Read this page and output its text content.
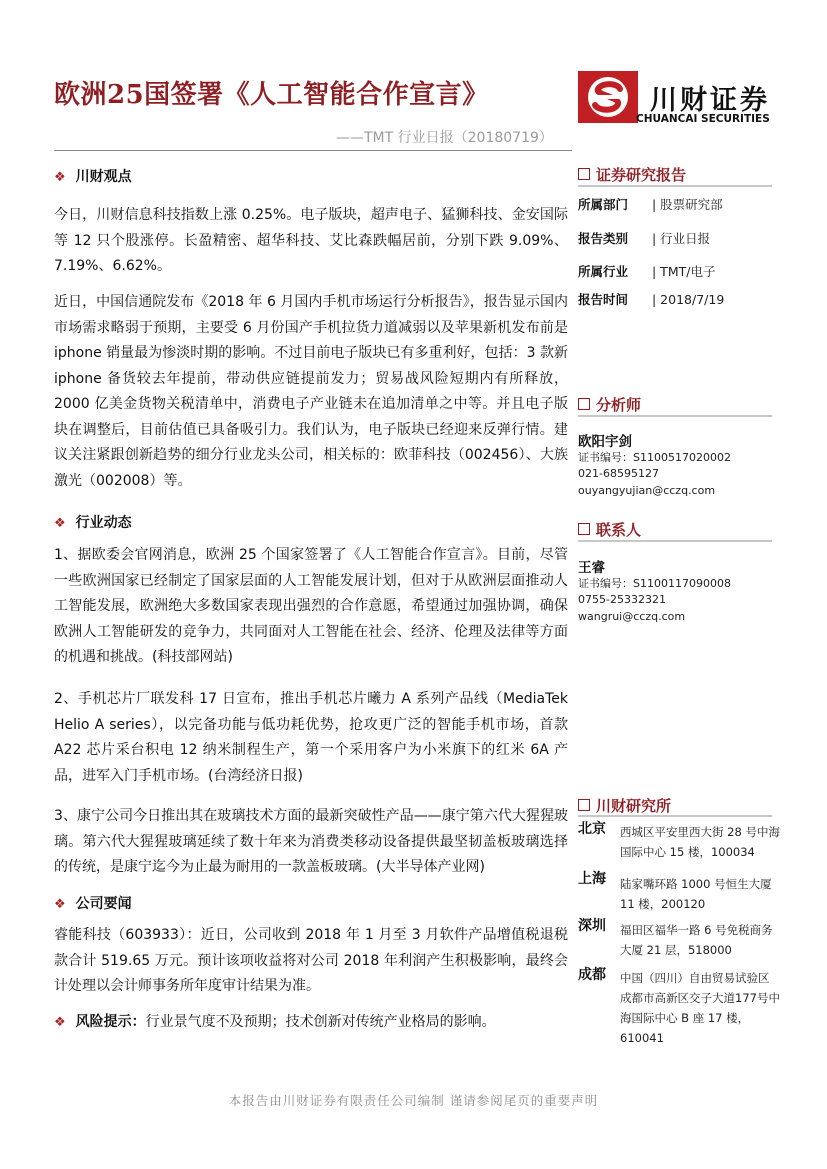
欧洲25国签署《人工智能合作宣言》
——TMT 行业日报（20180719）
川财证券
CHUANCAI SECURITIES
❖ 川财观点
今日，川财信息科技指数上涨 0.25%。电子版块，超声电子、猛狮科技、金安国际等 12 只个股涨停。长盈精密、超华科技、艾比森跌幅居前，分别下跌 9.09%、7.19%、6.62%。
近日，中国信通院发布《2018 年 6 月国内手机市场运行分析报告》，报告显示国内市场需求略弱于预期，主要受 6 月份国产手机拉货力道减弱以及苹果新机发布前是 iphone 销量最为惨淡时期的影响。不过目前电子版块已有多重利好，包括：3 款新 iphone 备货较去年提前，带动供应链提前发力；贸易战风险短期内有所释放，2000 亿美金货物关税清单中，消费电子产业链未在追加清单之中等。并且电子版块在调整后，目前估值已具备吸引力。我们认为，电子版块已经迎来反弹行情。建议关注紧跟创新趋势的细分行业龙头公司，相关标的：欧菲科技（002456）、大族激光（002008）等。
❖ 行业动态
1、据欧委会官网消息，欧洲 25 个国家签署了《人工智能合作宣言》。目前，尽管一些欧洲国家已经制定了国家层面的人工智能发展计划，但对于从欧洲层面推动人工智能发展，欧洲绝大多数国家表现出强烈的合作意愿，希望通过加强协调，确保欧洲人工智能研发的竞争力，共同面对人工智能在社会、经济、伦理及法律等方面的机遇和挑战。(科技部网站)
2、手机芯片厂联发科 17 日宣布，推出手机芯片曦力 A 系列产品线（MediaTek Helio A series），以完备功能与低功耗优势，抢攻更广泛的智能手机市场，首款 A22 芯片采台积电 12 纳米制程生产，第一个采用客户为小米旗下的红米 6A 产品，进军入门手机市场。(台湾经济日报)
3、康宁公司今日推出其在玻璃技术方面的最新突破性产品——康宁第六代大猩猩玻璃。第六代大猩猩玻璃延续了数十年来为消费类移动设备提供最坚韧盖板玻璃选择的传统，是康宁迄今为止最为耐用的一款盖板玻璃。(大半导体产业网)
❖ 公司要闻
睿能科技（603933）：近日，公司收到 2018 年 1 月至 3 月软件产品增值税退税款合计 519.65 万元。预计该项收益将对公司 2018 年利润产生积极影响，最终会计处理以会计师事务所年度审计结果为准。
❖ 风险提示：行业景气度不及预期；技术创新对传统产业格局的影响。
证券研究报告
所属部门 | 股票研究部
报告类别 | 行业日报
所属行业 | TMT/电子
报告时间 | 2018/7/19
分析师
欧阳宇剑
证书编号：S1100517020002
021-68595127
ouyangyujian@cczq.com
联系人
王睿
证书编号：S1100117090008
0755-25332321
wangrui@cczq.com
川财研究所
北京 西城区平安里西大街 28 号中海国际中心 15 楼，100034
上海 陆家嘴环路 1000 号恒生大厦 11 楼，200120
深圳 福田区福华一路 6 号免税商务大厦 21 层，518000
成都 中国（四川）自由贸易试验区成都市高新区交子大道177号中海国际中心 B 座 17 楼，610041
本报告由川财证券有限责任公司编制 谨请参阅尾页的重要声明
